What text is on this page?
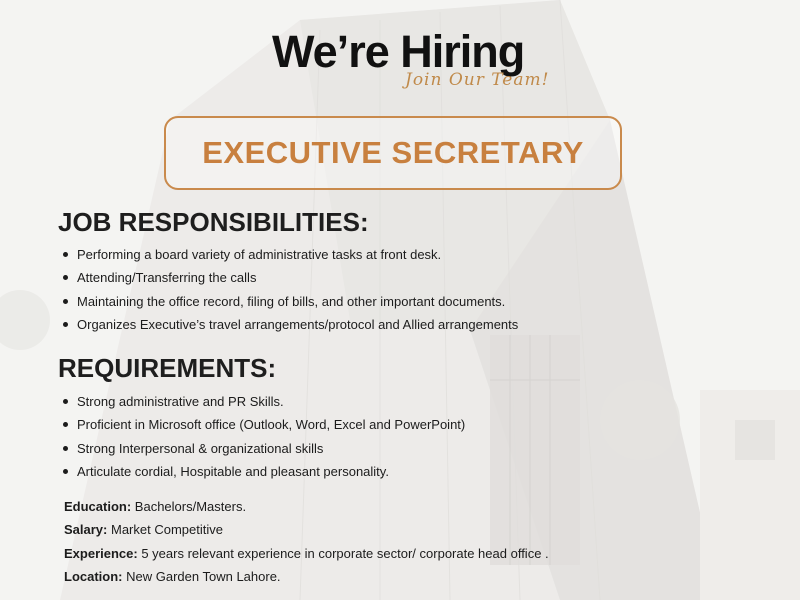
We’re Hiring
Join Our Team!
EXECUTIVE SECRETARY
JOB RESPONSIBILITIES:
Performing a board variety of administrative tasks at front desk.
Attending/Transferring the calls
Maintaining the office record, filing of bills, and other important documents.
Organizes Executive’s travel arrangements/protocol and Allied arrangements
REQUIREMENTS:
Strong administrative and PR Skills.
Proficient in Microsoft office (Outlook, Word, Excel and PowerPoint)
Strong Interpersonal & organizational skills
Articulate cordial, Hospitable and pleasant personality.
Education: Bachelors/Masters.
Salary: Market Competitive
Experience: 5 years relevant experience in corporate sector/ corporate head office .
Location: New Garden Town Lahore.
